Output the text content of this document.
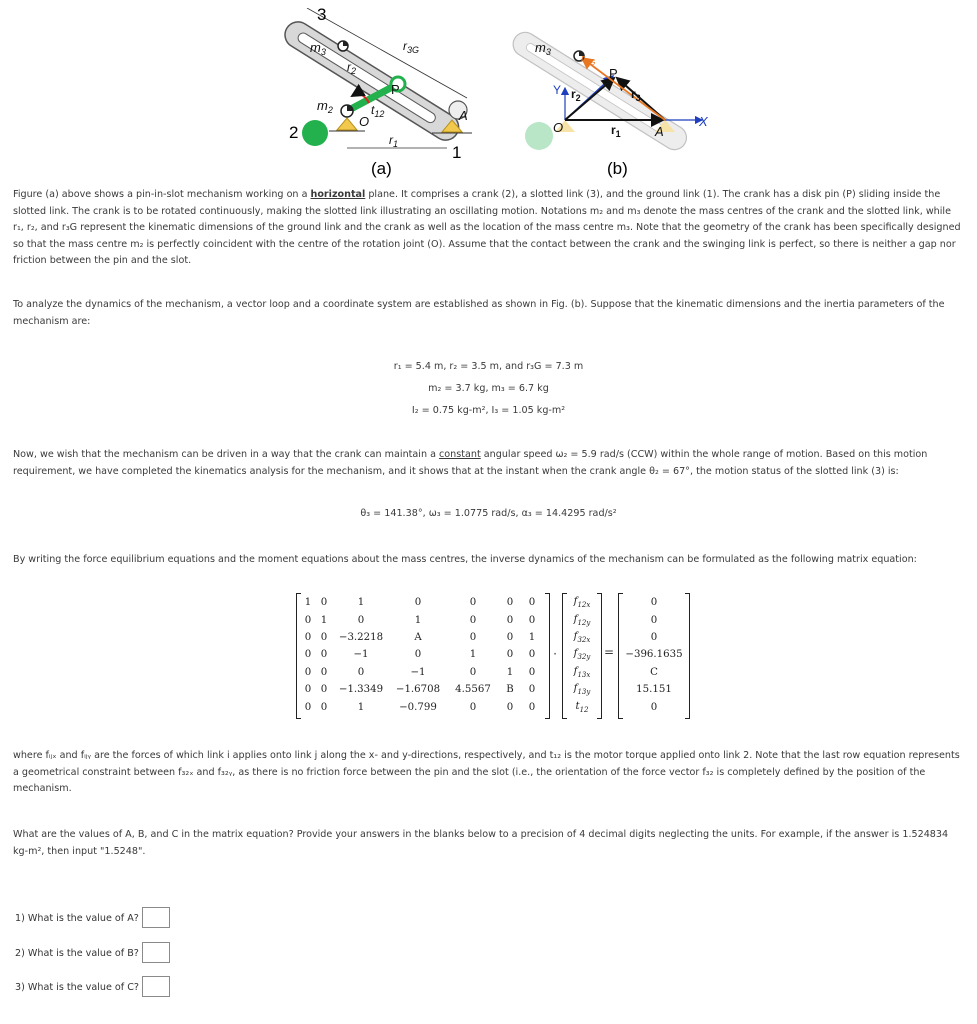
3
$m_3$	$r_{3G}$
$r_2$
P
$m_2$	$t_{12}$
O	A
2	$r_1$	1
(a)
$m_3$
$r_{3G}$
P
Y $r_2$	$r_3$
O	$r_1$	A
X
(b)
Figure (a) above shows a pin-in-slot mechanism working on a horizontal plane. It comprises a crank (2), a slotted link (3), and the ground link (1). The crank has a disk pin (P) sliding inside the slotted link. The crank is to be rotated continuously, making the slotted link illustrating an oscillating motion. Notations m₂ and m₃ denote the mass centres of the crank and the slotted link, while r₁, r₂, and r₃G represent the kinematic dimensions of the ground link and the crank as well as the location of the mass centre m₃. Note that the geometry of the crank has been specifically designed so that the mass centre m₂ is perfectly coincident with the centre of the rotation joint (O). Assume that the contact between the crank and the swinging link is perfect, so there is neither a gap nor friction between the pin and the slot.
To analyze the dynamics of the mechanism, a vector loop and a coordinate system are established as shown in Fig. (b). Suppose that the kinematic dimensions and the inertia parameters of the mechanism are:
r₁ = 5.4 m, r₂ = 3.5 m, and r₃G = 7.3 m
m₂ = 3.7 kg, m₃ = 6.7 kg
I₂ = 0.75 kg-m², I₃ = 1.05 kg-m²
Now, we wish that the mechanism can be driven in a way that the crank can maintain a constant angular speed ω₂ = 5.9 rad/s (CCW) within the whole range of motion. Based on this motion requirement, we have completed the kinematics analysis for the mechanism, and it shows that at the instant when the crank angle θ₂ = 67°, the motion status of the slotted link (3) is:
θ₃ = 141.38°, ω₃ = 1.0775 rad/s, α₃ = 14.4295 rad/s²
By writing the force equilibrium equations and the moment equations about the mass centres, the inverse dynamics of the mechanism can be formulated as the following matrix equation:
1	0	1	0	0	0	0
0	1	0	1	0	0	0
0	0	−3.2218	A	0	0	1
0	0	−1	0	1	0	0
0	0	0	−1	0	1	0
0	0	−1.3349	−1.6708	4.5567	B	0
0	0	1	−0.799	0	0	0
·
$f_{12x}$
$f_{12y}$
$f_{32x}$
$f_{32y}$
$f_{13x}$
$f_{13y}$
$t_{12}$
=
0
0
0
−396.1635
C
15.151
0
where fᵢⱼₓ and fᵢⱼᵧ are the forces of which link i applies onto link j along the x- and y-directions, respectively, and t₁₂ is the motor torque applied onto link 2. Note that the last row equation represents a geometrical constraint between f₃₂ₓ and f₃₂ᵧ, as there is no friction force between the pin and the slot (i.e., the orientation of the force vector f₃₂ is completely defined by the position of the mechanism.
What are the values of A, B, and C in the matrix equation? Provide your answers in the blanks below to a precision of 4 decimal digits neglecting the units. For example, if the answer is 1.524834 kg-m², then input "1.5248".
1) What is the value of A?
2) What is the value of B?
3) What is the value of C?
